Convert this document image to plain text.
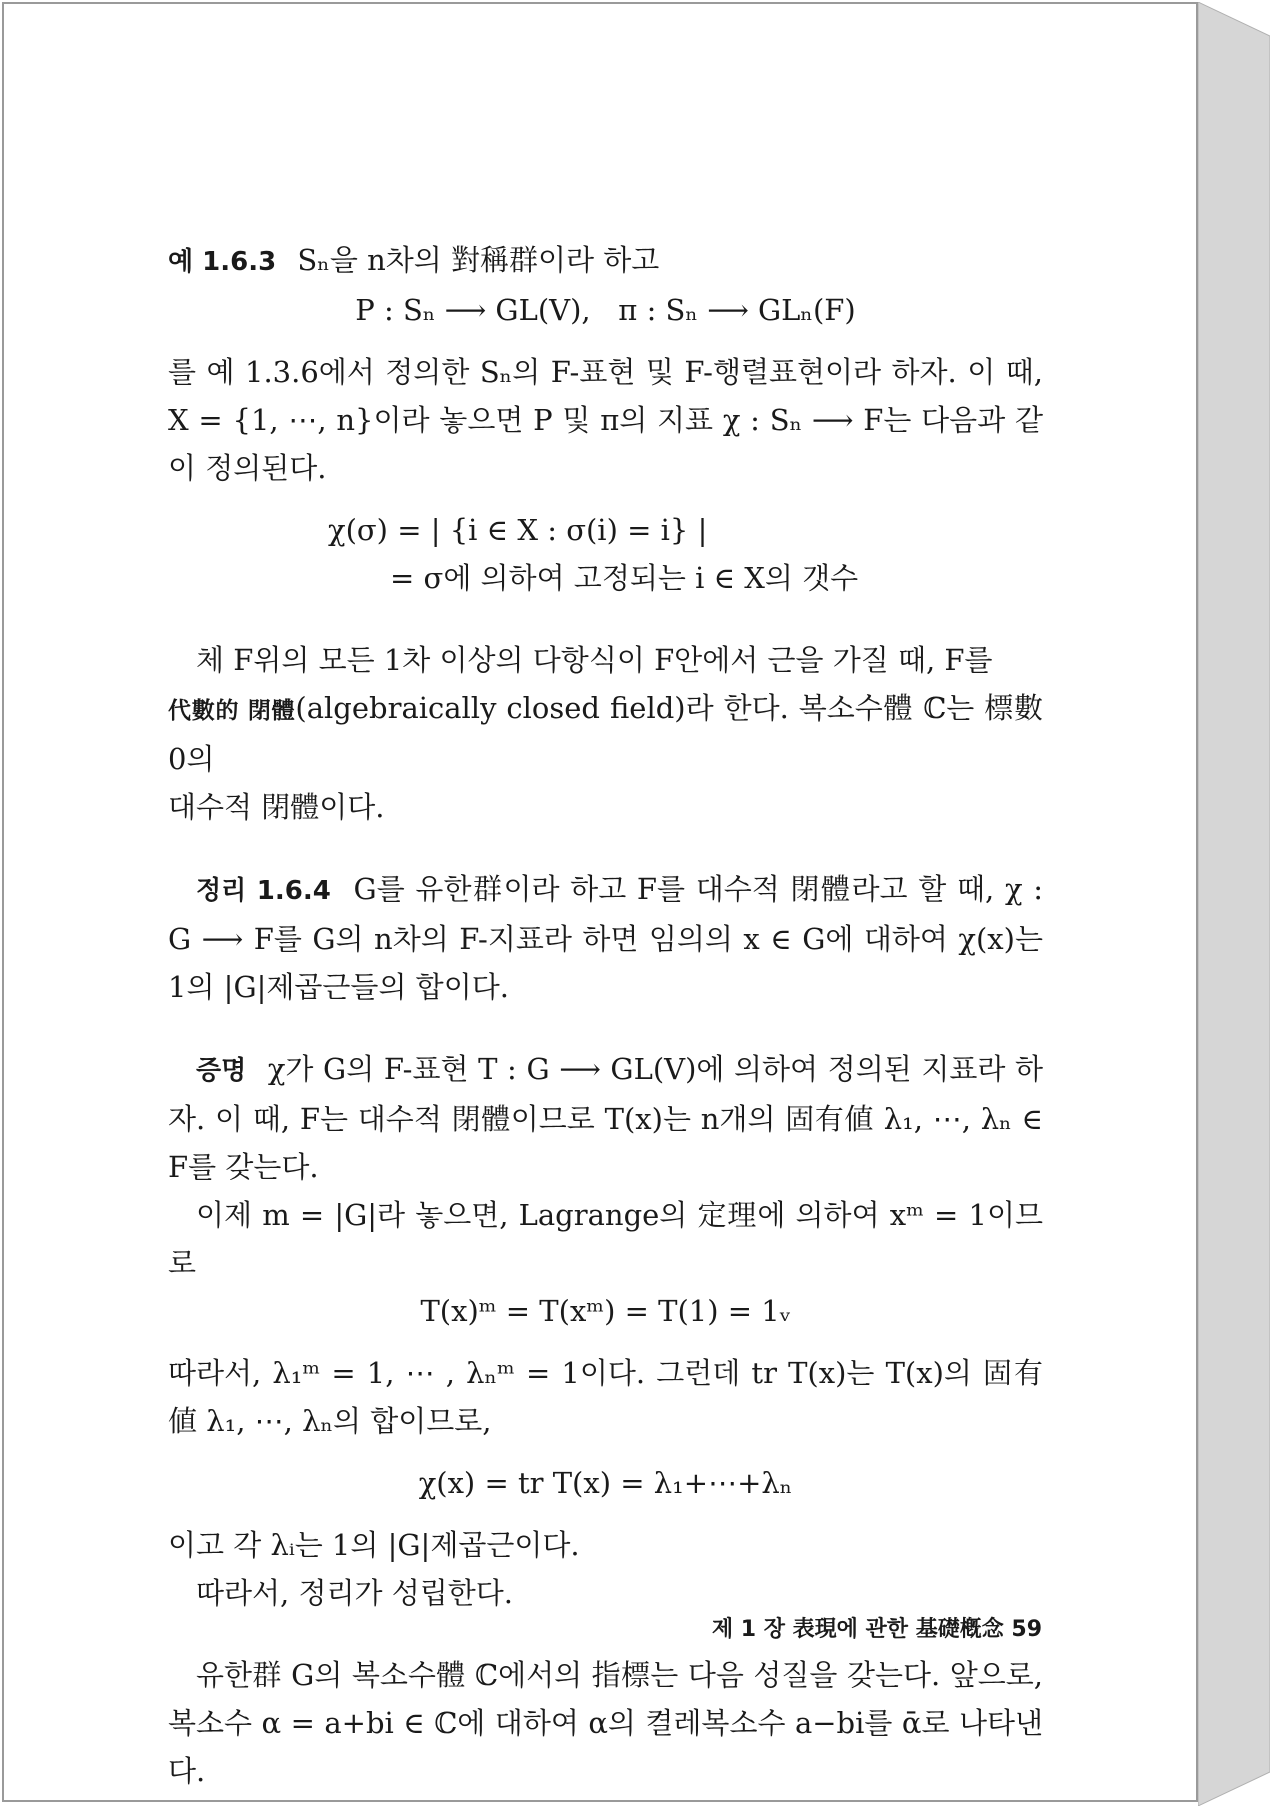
예 1.6.3 Sₙ을 n차의 對稱群이라 하고

P : Sₙ ⟶ GL(V),   π : Sₙ ⟶ GLₙ(F)

를 예 1.3.6에서 정의한 Sₙ의 F-표현 및 F-행렬표현이라 하자. 이 때, X = {1, ⋯, n}이라 놓으면 P 및 π의 지표 χ : Sₙ ⟶ F는 다음과 같이 정의된다.

χ(σ) = | {i ∈ X : σ(i) = i} |

= σ에 의하여 고정되는 i ∈ X의 갯수

체 F위의 모든 1차 이상의 다항식이 F안에서 근을 가질 때, F를

代數的 閉體(algebraically closed field)라 한다. 복소수體 ℂ는 標數 0의

대수적 閉體이다.

정리 1.6.4 G를 유한群이라 하고 F를 대수적 閉體라고 할 때, χ : G ⟶ F를 G의 n차의 F-지표라 하면 임의의 x ∈ G에 대하여 χ(x)는 1의 |G|제곱근들의 합이다.

증명 χ가 G의 F-표현 T : G ⟶ GL(V)에 의하여 정의된 지표라 하자. 이 때, F는 대수적 閉體이므로 T(x)는 n개의 固有値 λ₁, ⋯, λₙ ∈ F를 갖는다.

이제 m = |G|라 놓으면, Lagrange의 定理에 의하여 xᵐ = 1이므로

T(x)ᵐ = T(xᵐ) = T(1) = 1ᵥ

따라서, λ₁ᵐ = 1, ⋯ , λₙᵐ = 1이다. 그런데 tr T(x)는 T(x)의 固有値 λ₁, ⋯, λₙ의 합이므로,

χ(x) = tr T(x) = λ₁+⋯+λₙ

이고 각 λᵢ는 1의 |G|제곱근이다.

따라서, 정리가 성립한다.

유한群 G의 복소수體 ℂ에서의 指標는 다음 성질을 갖는다. 앞으로, 복소수 α = a+bi ∈ ℂ에 대하여 α의 켤레복소수 a−bi를 ᾱ로 나타낸다.

제 1 장 表現에 관한 基礎槪念 59
